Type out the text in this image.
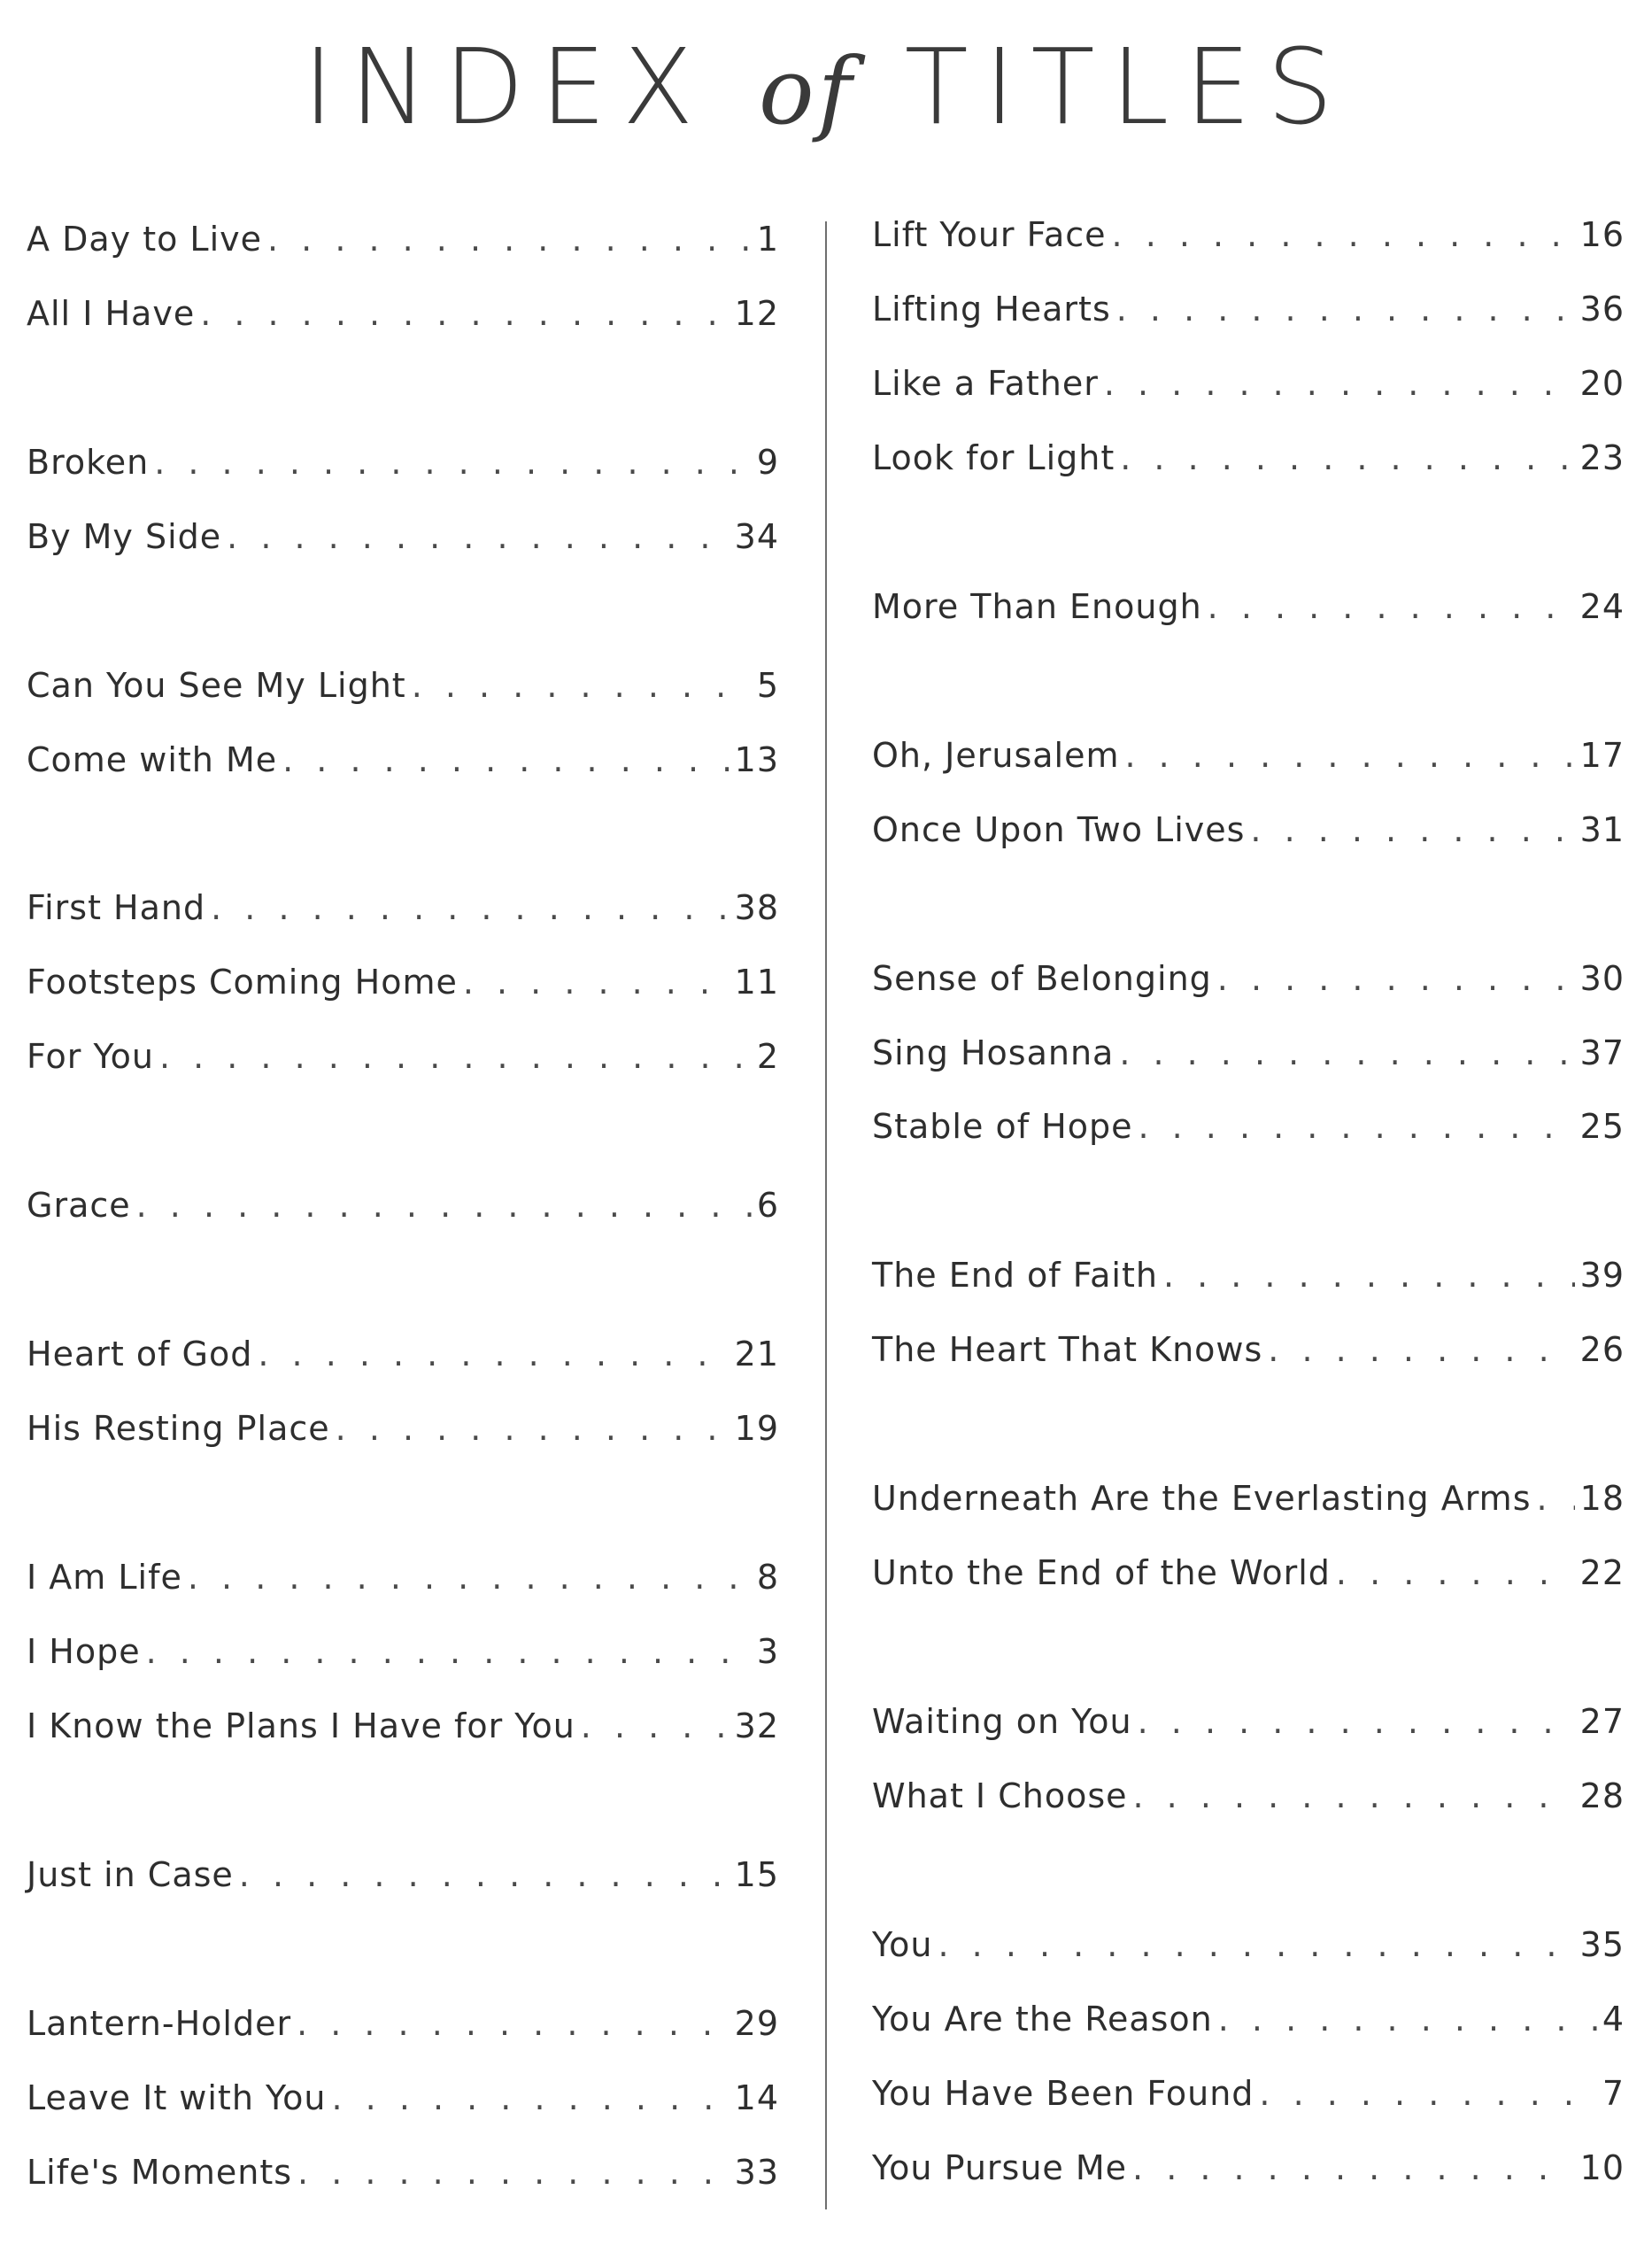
INDEX of TITLES
A Day to Live . . .	1
All I Have . . .	12
Broken . . .	9
By My Side . . .	34
Can You See My Light . . .	5
Come with Me . . .	13
First Hand . . .	38
Footsteps Coming Home . . .	11
For You . . .	2
Grace . . .	6
Heart of God . . .	21
His Resting Place . . .	19
I Am Life . . .	8
I Hope . . .	3
I Know the Plans I Have for You . . .	32
Just in Case . . .	15
Lantern-Holder . . .	29
Leave It with You . . .	14
Life's Moments . . .	33
Lift Your Face . . .	16
Lifting Hearts . . .	36
Like a Father . . .	20
Look for Light . . .	23
More Than Enough . . .	24
Oh, Jerusalem . . .	17
Once Upon Two Lives . . .	31
Sense of Belonging . . .	30
Sing Hosanna . . .	37
Stable of Hope . . .	25
The End of Faith . . .	39
The Heart That Knows . . .	26
Underneath Are the Everlasting Arms . . . 18
Unto the End of the World . . .	22
Waiting on You . . .	27
What I Choose . . .	28
You . . .	35
You Are the Reason . . .	4
You Have Been Found . . .	7
You Pursue Me . . .	10
